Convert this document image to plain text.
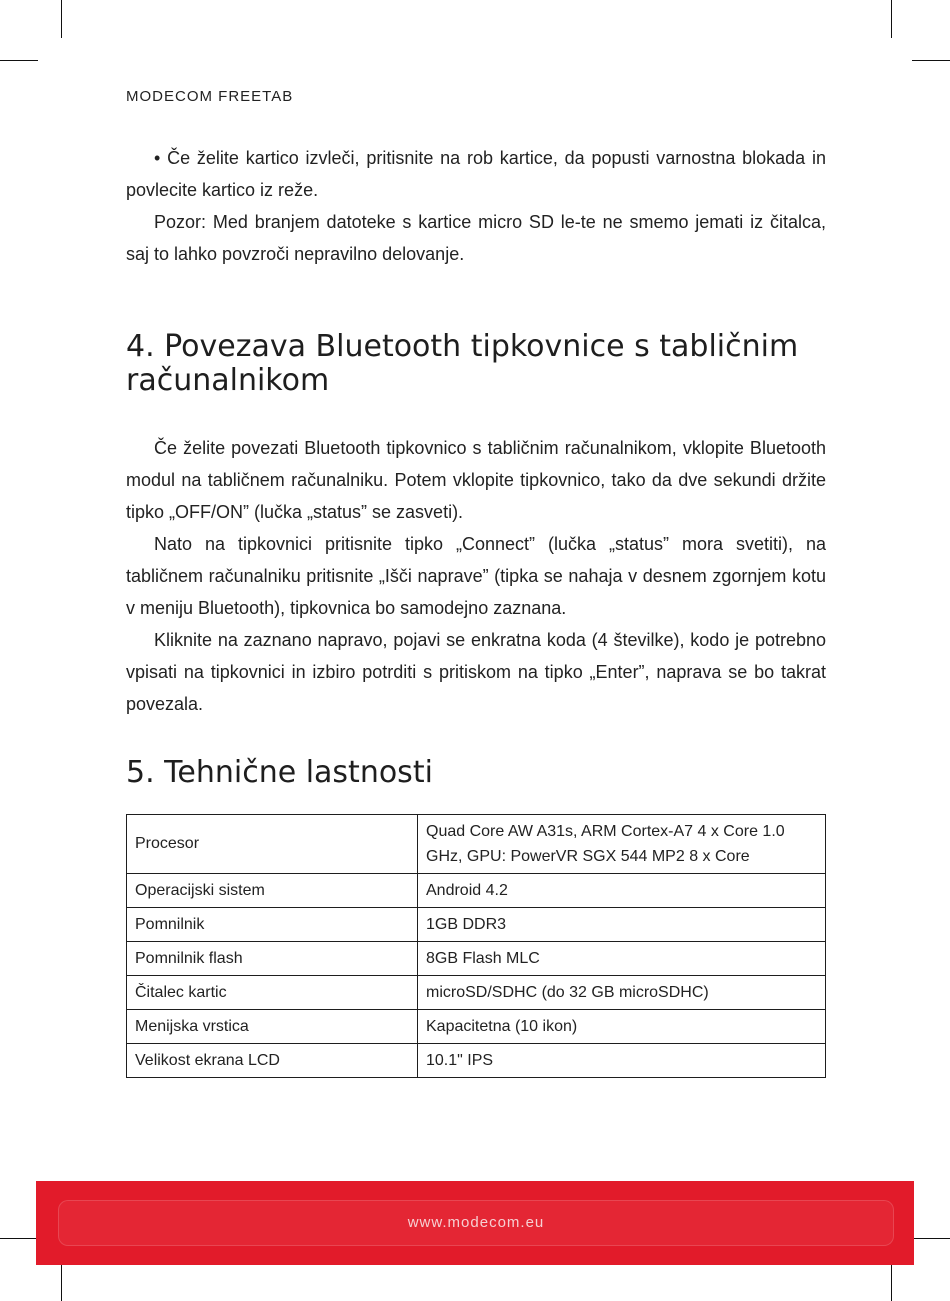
MODECOM FREETAB

• Če želite kartico izvleči, pritisnite na rob kartice, da popusti varnostna blokada in povlecite kartico iz reže.

Pozor: Med branjem datoteke s kartice micro SD le-te ne smemo jemati iz čitalca, saj to lahko povzroči nepravilno delovanje.

4. Povezava Bluetooth tipkovnice s tabličnim računalnikom

Če želite povezati Bluetooth tipkovnico s tabličnim računalnikom, vklopite Bluetooth modul na tabličnem računalniku. Potem vklopite tipkovnico, tako da dve sekundi držite tipko „OFF/ON” (lučka „status” se zasveti).

Nato na tipkovnici pritisnite tipko „Connect” (lučka „status” mora svetiti), na tabličnem računalniku pritisnite „Išči naprave” (tipka se nahaja v desnem zgornjem kotu v meniju Bluetooth), tipkovnica bo samodejno zaznana.

Kliknite na zaznano napravo, pojavi se enkratna koda (4 številke), kodo je potrebno vpisati na tipkovnici in izbiro potrditi s pritiskom na tipko „Enter”, naprava se bo takrat povezala.

5. Tehnične lastnosti
Procesor	Quad Core AW A31s, ARM Cortex-A7 4 x Core 1.0 GHz, GPU: PowerVR SGX 544 MP2 8 x Core
Operacijski sistem	Android 4.2
Pomnilnik	1GB DDR3
Pomnilnik flash	8GB Flash MLC
Čitalec kartic	microSD/SDHC (do 32 GB microSDHC)
Menijska vrstica	Kapacitetna (10 ikon)
Velikost ekrana LCD	10.1" IPS
www.modecom.eu
